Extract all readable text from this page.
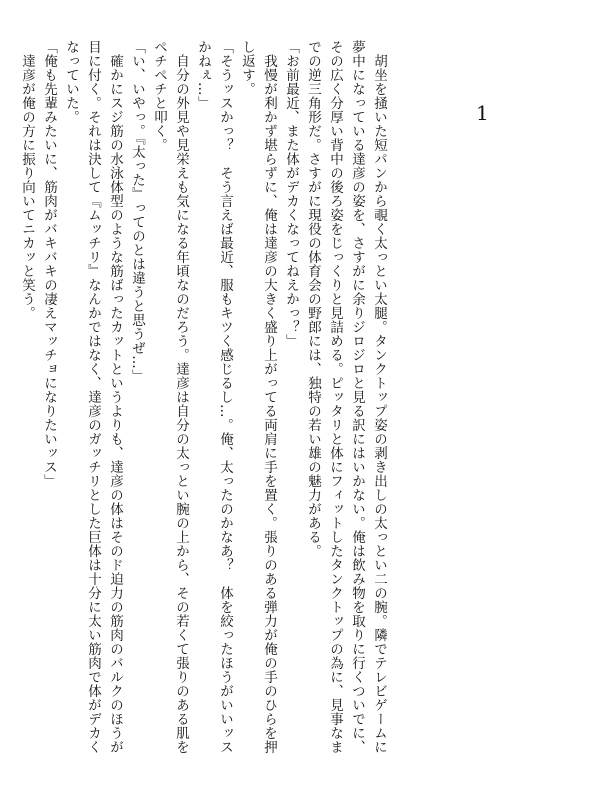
1

胡坐を掻いた短パンから覗く太っとい太腿。タンクトップ姿の剥き出しの太っとい二の腕。隣でテレビゲームに夢中になっている達彦の姿を、さすがに余りジロジロと見る訳にはいかない。俺は飲み物を取りに行くついでに、その広く分厚い背中の後ろ姿をじっくりと見詰める。ピッタリと体にフィットしたタンクトップの為に、見事なまでの逆三角形だ。さすがに現役の体育会の野郎には、独特の若い雄の魅力がある。

「お前最近、また体がデカくなってねえかっ？」

我慢が利かず堪らずに、俺は達彦の大きく盛り上がってる両肩に手を置く。張りのある弾力が俺の手のひらを押し返す。

「そうッスかっ？　そう言えば最近、服もキツく感じるし…。俺、太ったのかなあ？　体を絞ったほうがいいッスかねぇ…」

自分の外見や見栄えも気になる年頃なのだろう。達彦は自分の太っとい腕の上から、その若くて張りのある肌をペチペチと叩く。

「い、いやっ。『太った』ってのとは違うと思うぜ…」

確かにスジ筋の水泳体型のような筋ばったカットというよりも、達彦の体はそのド迫力の筋肉のバルクのほうが目に付く。それは決して『ムッチリ』なんかではなく、達彦のガッチリとした巨体は十分に太い筋肉で体がデカくなっていた。

「俺も先輩みたいに、筋肉がバキバキの凄えマッチョになりたいッス」

達彦が俺の方に振り向いてニカッと笑う。
